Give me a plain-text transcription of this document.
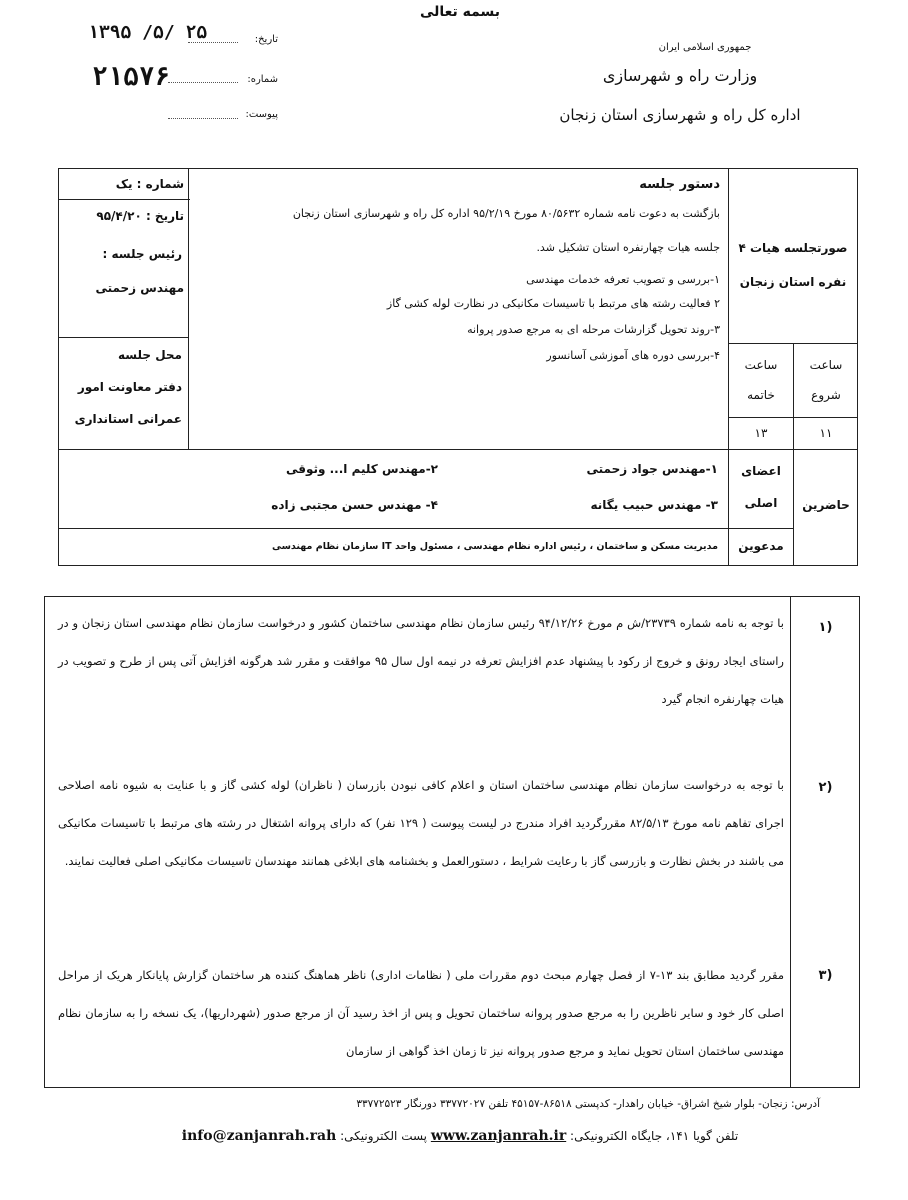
بسمه تعالی
جمهوری اسلامی ایران
وزارت راه و شهرسازی
اداره کل راه و شهرسازی استان زنجان
۱۳۹۵ /۵/ ۲۵	تاریخ:
۲۱۵۷۶	شماره:
پیوست:
صورتجلسه هیات ۴
نفره استان زنجان
دستور جلسه
بازگشت به دعوت نامه شماره ۸۰/۵۶۳۲ مورخ ۹۵/۲/۱۹ اداره کل راه و شهرسازی استان زنجان
جلسه هیات چهارنفره استان تشکیل شد.
۱-بررسی و تصویب تعرفه خدمات مهندسی
۲ فعالیت رشته های مرتبط با تاسیسات مکانیکی در نظارت لوله کشی گاز
۳-روند تحویل گزارشات مرحله ای به مرجع صدور پروانه
۴-بررسی دوره های آموزشی آسانسور
شماره : یک
تاریخ : ۹۵/۴/۲۰
رئیس جلسه :
مهندس زحمتی
محل جلسه
دفتر معاونت امور
عمرانی استانداری
ساعت
شروع
ساعت
خاتمه
۱۱
۱۳
حاضرین
اعضای
اصلی
۱-مهندس جواد زحمتی
۲-مهندس کلیم ا... وثوقی
۳- مهندس حبیب یگانه
۴- مهندس حسن مجتبی زاده
مدعوین
مدیریت مسکن و ساختمان ، رئیس اداره نظام مهندسی ، مسئول واحد IT سازمان نظام مهندسی
۱)
با توجه به نامه شماره ۲۳۷۳۹/ش م مورخ ۹۴/۱۲/۲۶ رئیس سازمان نظام مهندسی ساختمان کشور و درخواست سازمان نظام مهندسی استان زنجان و در راستای ایجاد رونق و خروج از رکود با پیشنهاد عدم افزایش تعرفه در نیمه اول سال ۹۵ موافقت و مقرر شد هرگونه افزایش آتی پس از طرح و تصویب در هیات چهارنفره انجام گیرد
۲)
با توجه به درخواست سازمان نظام مهندسی ساختمان استان و اعلام کافی نبودن بازرسان ( ناظران) لوله کشی گاز و با عنایت به شیوه نامه اصلاحی اجرای تفاهم نامه مورخ ۸۲/۵/۱۳ مقررگردید افراد مندرج در لیست پیوست ( ۱۲۹ نفر) که دارای پروانه اشتغال در رشته های مرتبط با تاسیسات مکانیکی می باشند در بخش نظارت و بازرسی گاز با رعایت شرایط ، دستورالعمل و بخشنامه های ابلاغی همانند مهندسان تاسیسات مکانیکی اصلی فعالیت نمایند.
۳)
مقرر گردید مطابق بند ۱۳-۷ از فصل چهارم مبحث دوم مقررات ملی ( نظامات اداری) ناظر هماهنگ کننده هر ساختمان گزارش پایانکار هریک از مراحل اصلی کار خود و سایر ناظرین را به مرجع صدور پروانه ساختمان تحویل و پس از اخذ رسید آن از مرجع صدور (شهرداریها)، یک نسخه را به سازمان نظام مهندسی ساختمان استان تحویل نماید و مرجع صدور پروانه نیز تا زمان اخذ گواهی از سازمان
آدرس: زنجان- بلوار شیخ اشراق- خیابان راهدار- کدپستی ۸۶۵۱۸-۴۵۱۵۷ تلفن ۳۳۷۷۲۰۲۷ دورنگار ۳۳۷۷۲۵۲۳
تلفن گویا ۱۴۱، جایگاه الکترونیکی: www.zanjanrah.ir پست الکترونیکی: info@zanjanrah.rah
